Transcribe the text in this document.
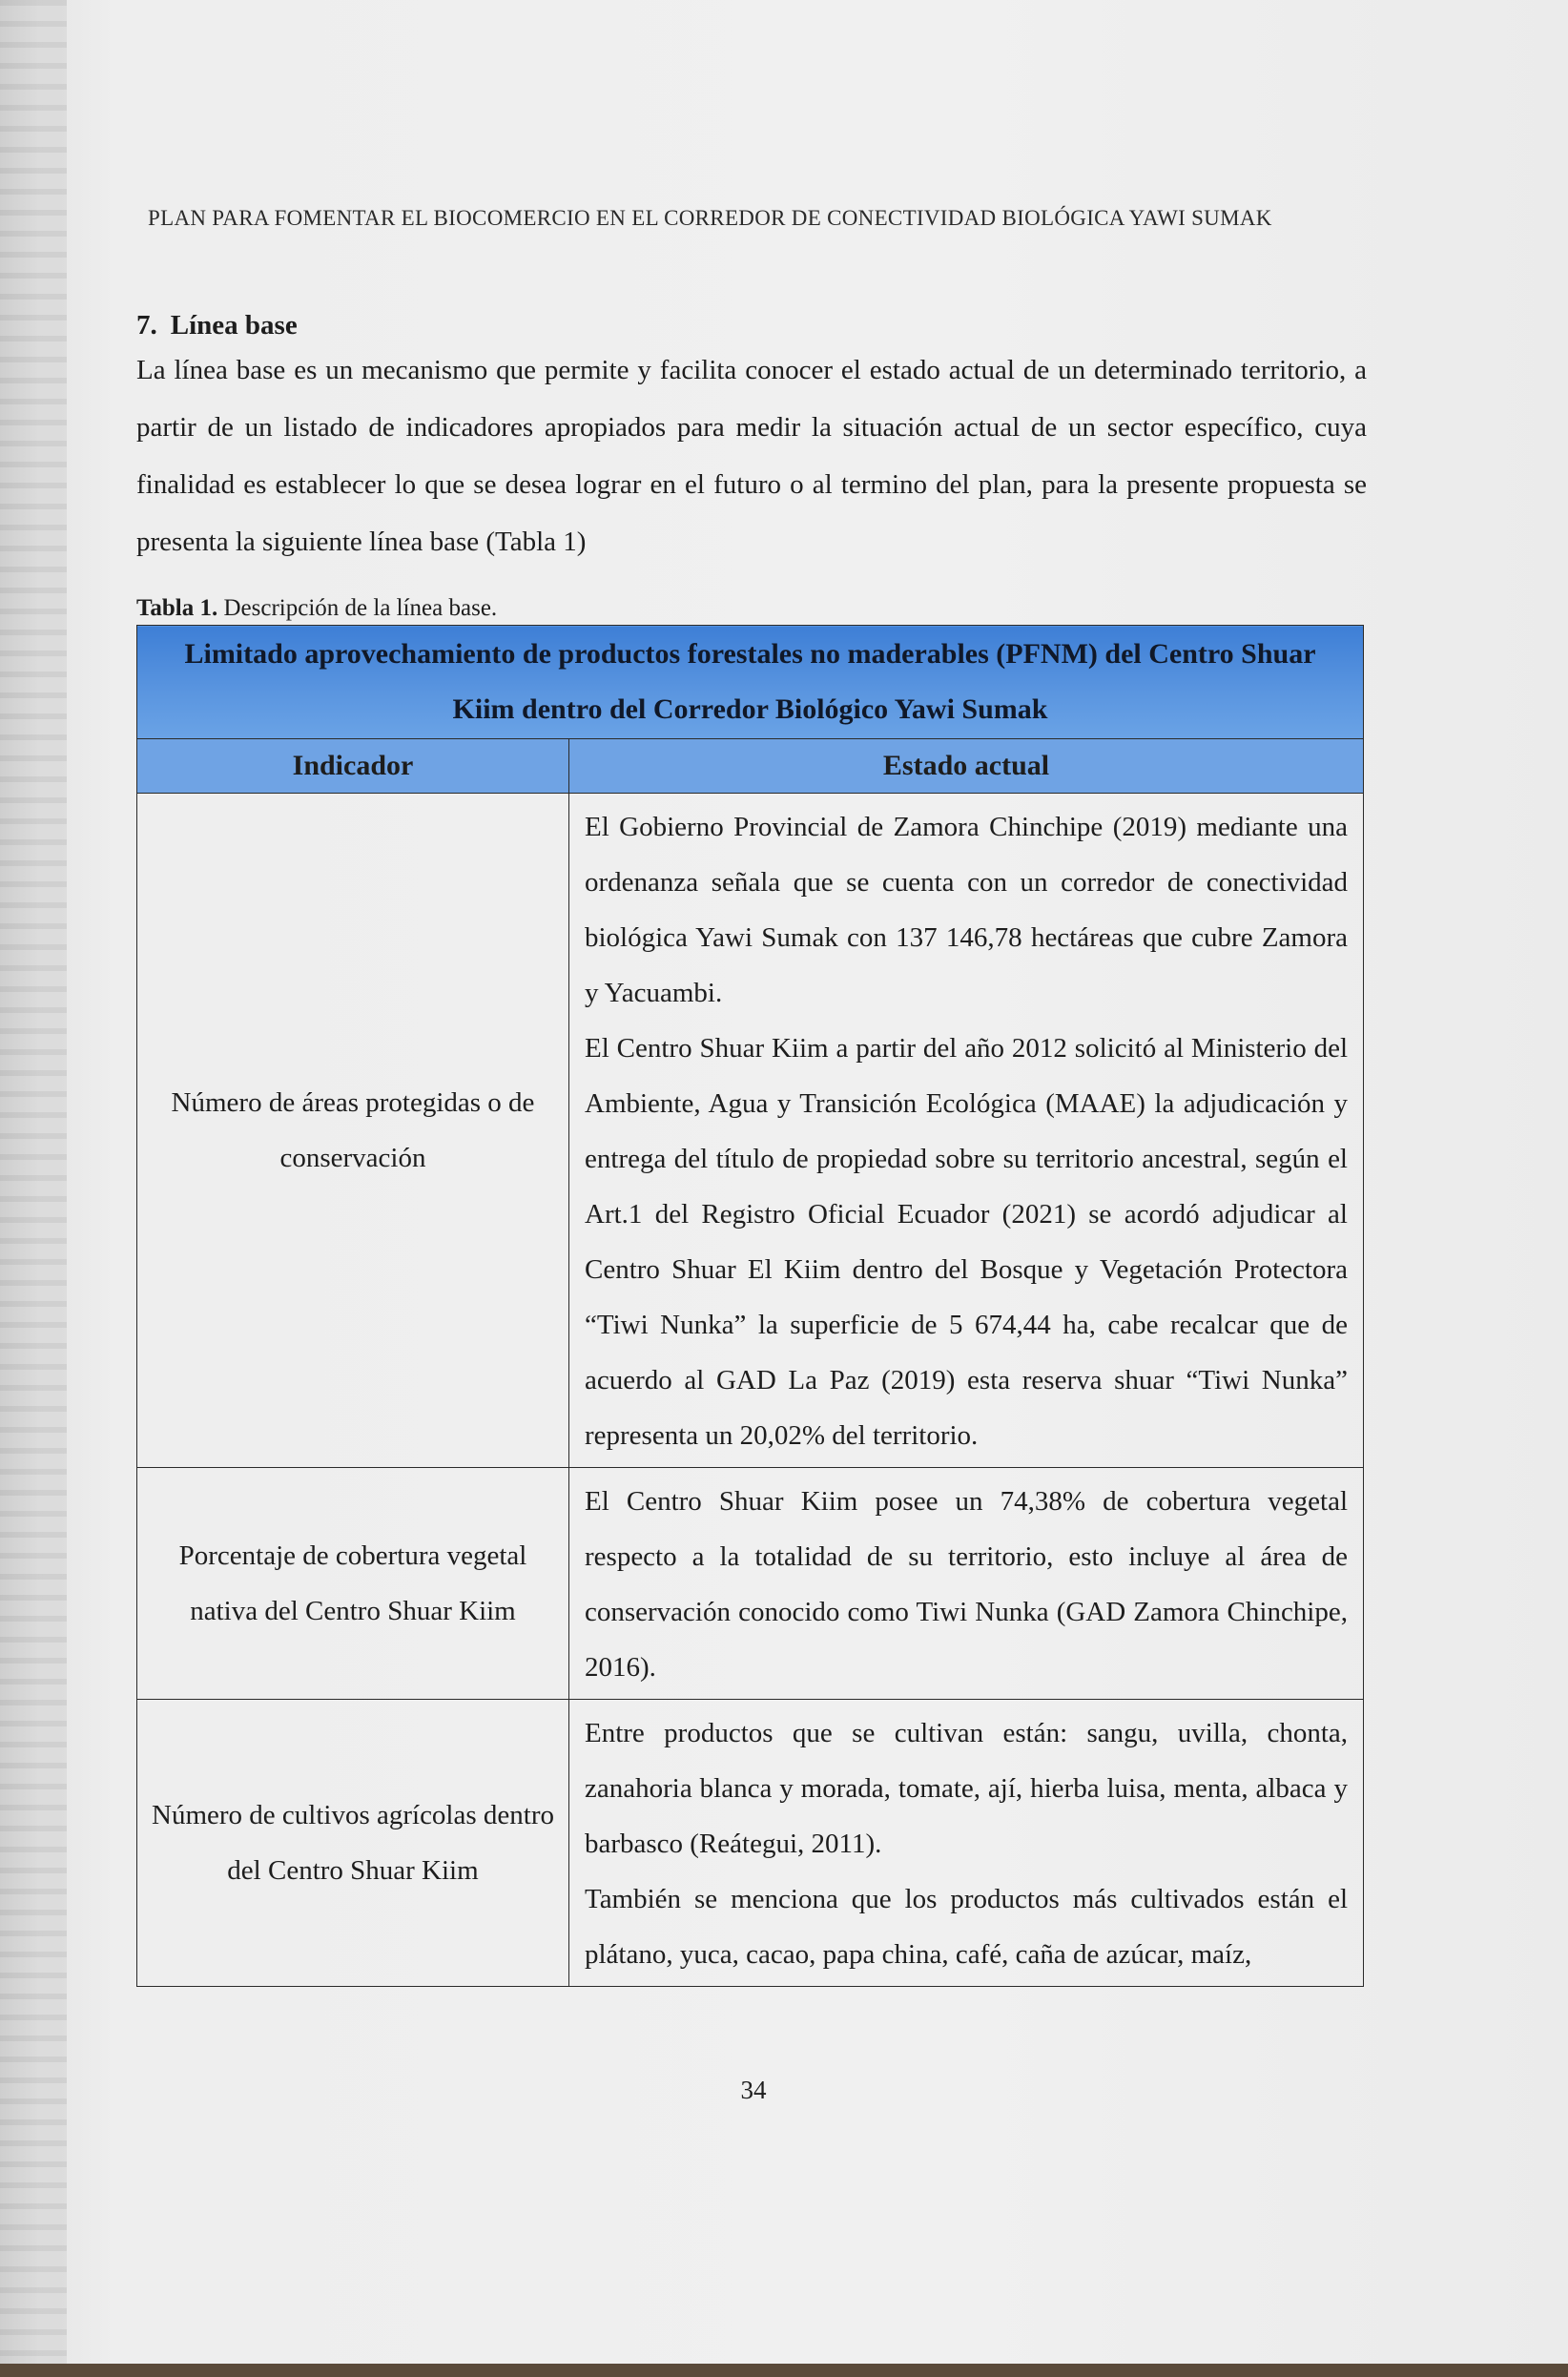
PLAN PARA FOMENTAR EL BIOCOMERCIO EN EL CORREDOR DE CONECTIVIDAD BIOLÓGICA YAWI SUMAK
7. Línea base
La línea base es un mecanismo que permite y facilita conocer el estado actual de un determinado territorio, a partir de un listado de indicadores apropiados para medir la situación actual de un sector específico, cuya finalidad es establecer lo que se desea lograr en el futuro o al termino del plan, para la presente propuesta se presenta la siguiente línea base (Tabla 1)
Tabla 1. Descripción de la línea base.
Limitado aprovechamiento de productos forestales no maderables (PFNM) del Centro Shuar Kiim dentro del Corredor Biológico Yawi Sumak	
Indicador	Estado actual
Número de áreas protegidas o de conservación	El Gobierno Provincial de Zamora Chinchipe (2019) mediante una ordenanza señala que se cuenta con un corredor de conectividad biológica Yawi Sumak con 137 146,78 hectáreas que cubre Zamora y Yacuambi.

El Centro Shuar Kiim a partir del año 2012 solicitó al Ministerio del Ambiente, Agua y Transición Ecológica (MAAE) la adjudicación y entrega del título de propiedad sobre su territorio ancestral, según el Art.1 del Registro Oficial Ecuador (2021) se acordó adjudicar al Centro Shuar El Kiim dentro del Bosque y Vegetación Protectora “Tiwi Nunka” la superficie de 5 674,44 ha, cabe recalcar que de acuerdo al GAD La Paz (2019) esta reserva shuar “Tiwi Nunka” representa un 20,02% del territorio.

Porcentaje de cobertura vegetal nativa del Centro Shuar Kiim	El Centro Shuar Kiim posee un 74,38% de cobertura vegetal respecto a la totalidad de su territorio, esto incluye al área de conservación conocido como Tiwi Nunka (GAD Zamora Chinchipe, 2016).

Número de cultivos agrícolas dentro del Centro Shuar Kiim	Entre productos que se cultivan están: sangu, uvilla, chonta, zanahoria blanca y morada, tomate, ají, hierba luisa, menta, albaca y barbasco (Reátegui, 2011).

También se menciona que los productos más cultivados están el plátano, yuca, cacao, papa china, café, caña de azúcar, maíz,

34
